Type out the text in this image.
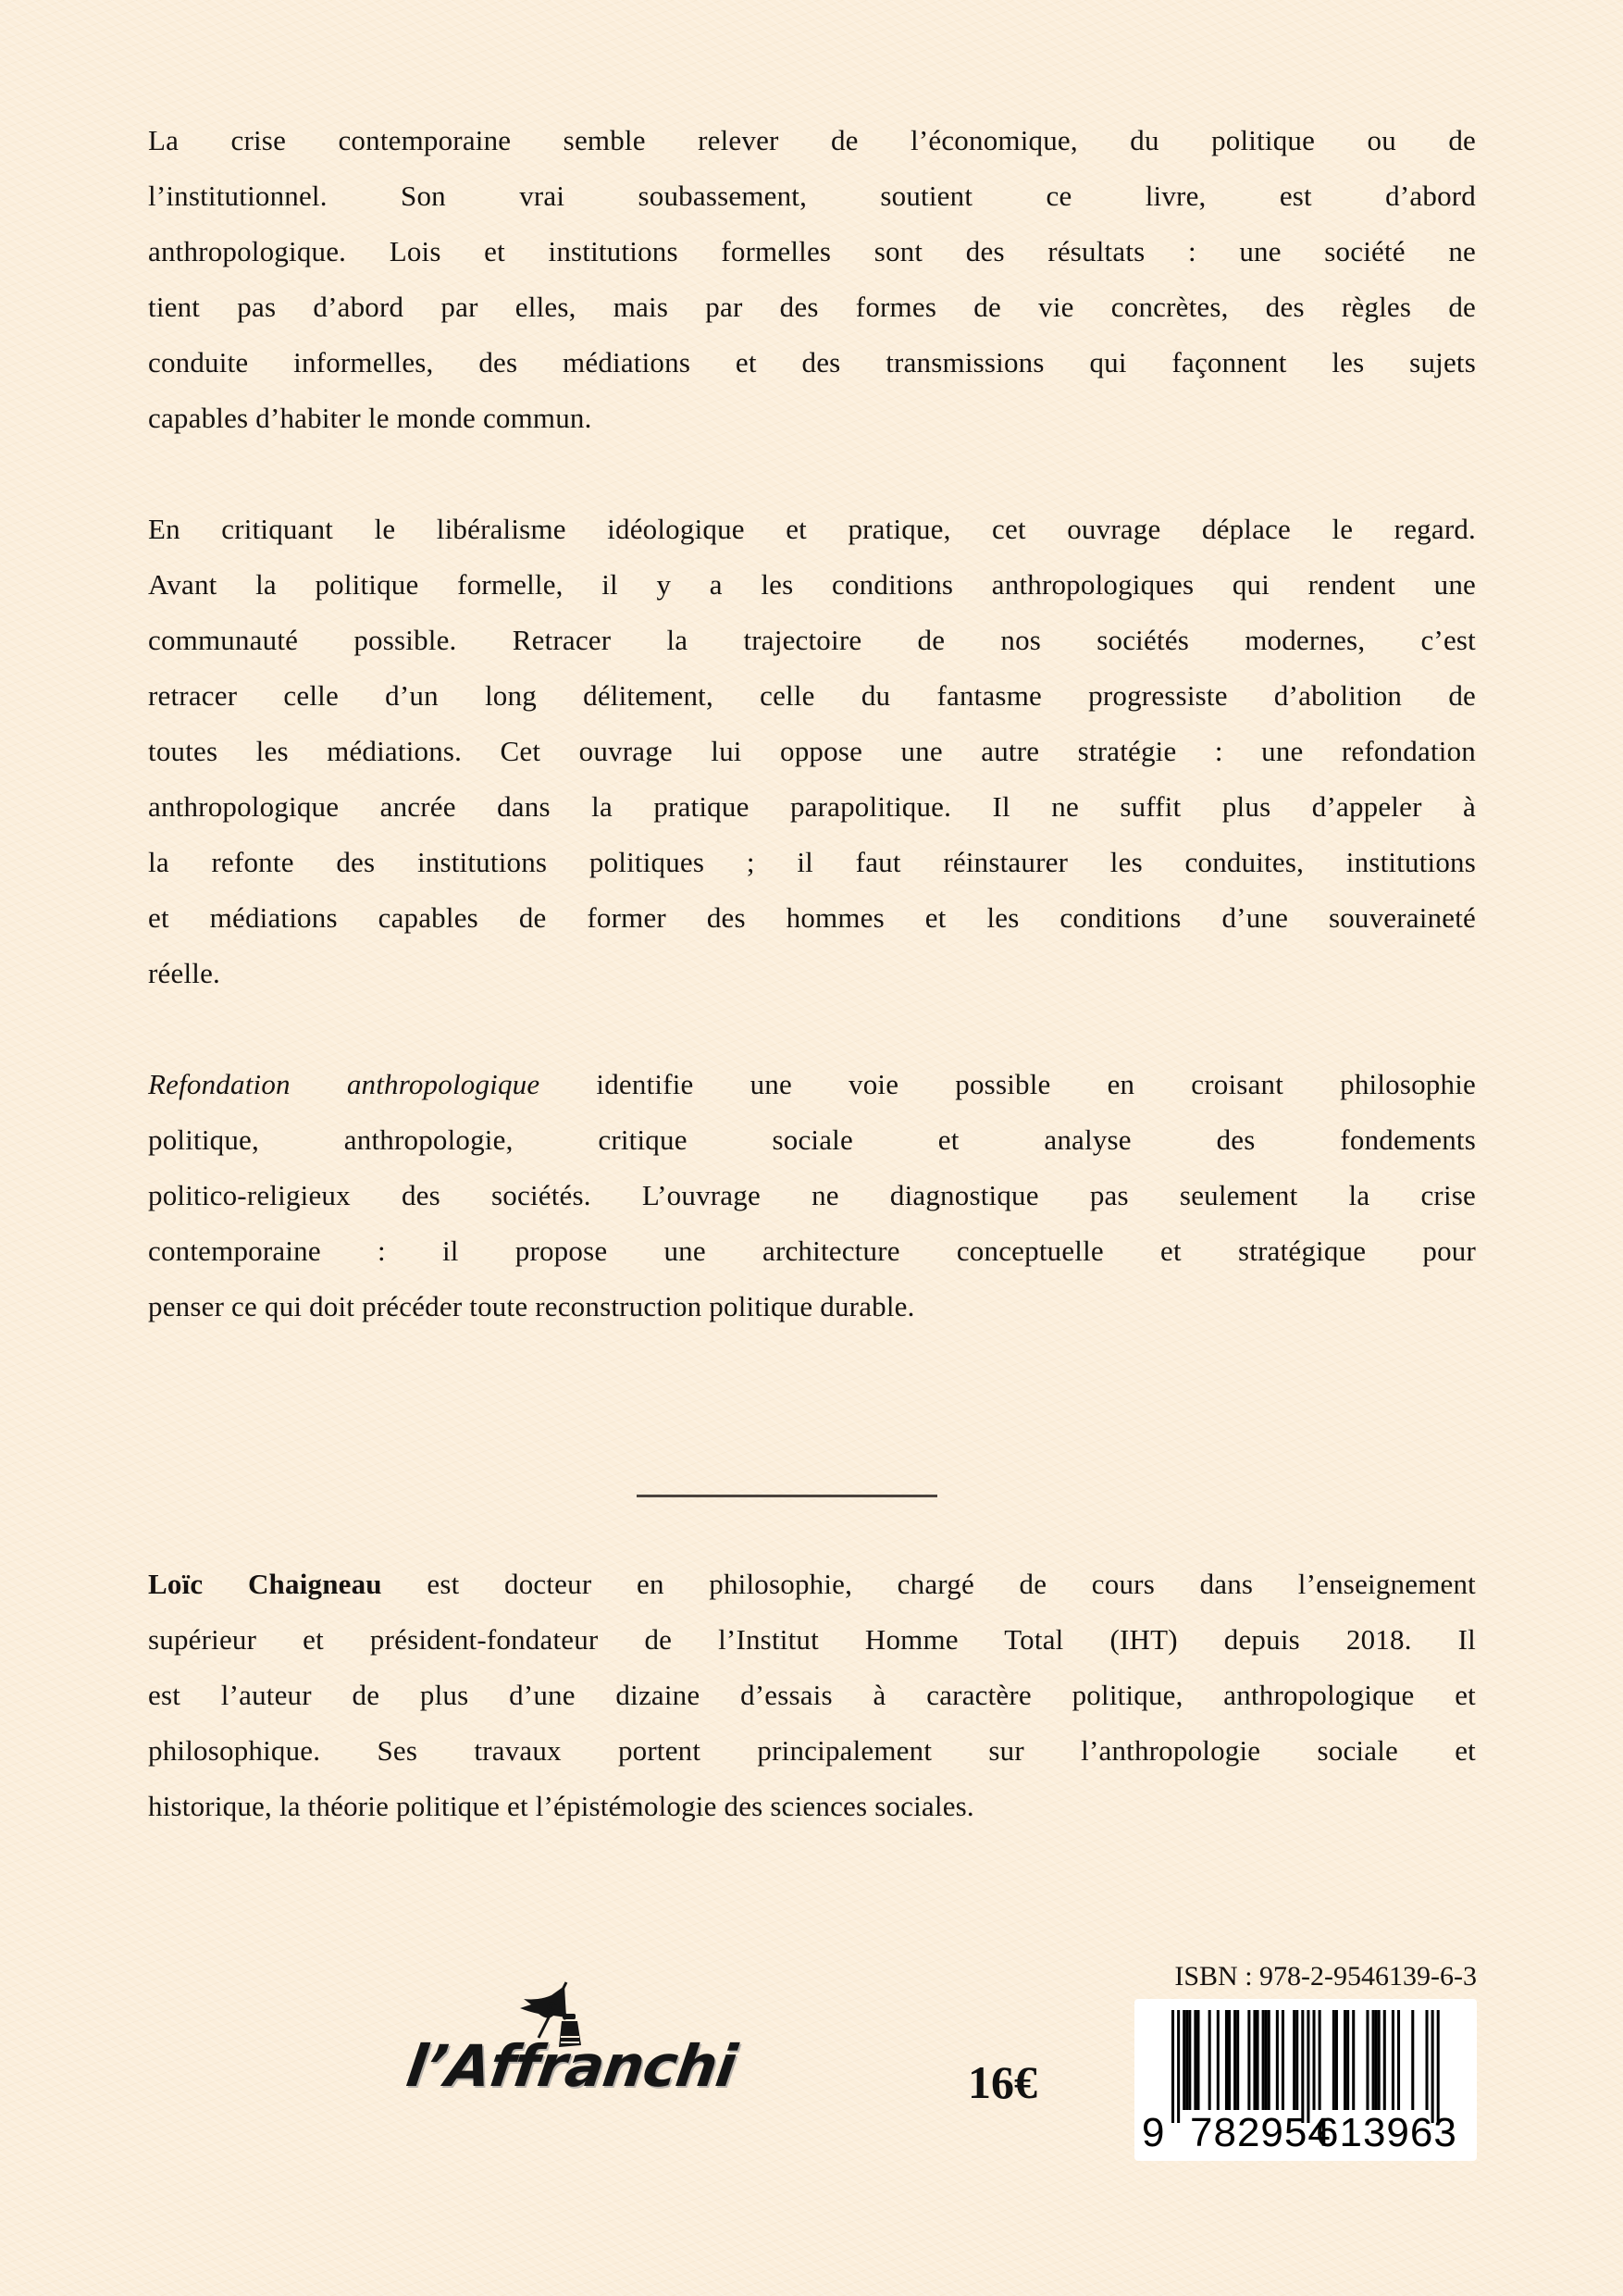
La crise contemporaine semble relever de l’économique, du politique ou de
l’institutionnel. Son vrai soubassement, soutient ce livre, est d’abord
anthropologique. Lois et institutions formelles sont des résultats : une société ne
tient pas d’abord par elles, mais par des formes de vie concrètes, des règles de
conduite informelles, des médiations et des transmissions qui façonnent les sujets
capables d’habiter le monde commun.
En critiquant le libéralisme idéologique et pratique, cet ouvrage déplace le regard.
Avant la politique formelle, il y a les conditions anthropologiques qui rendent une
communauté possible. Retracer la trajectoire de nos sociétés modernes, c’est
retracer celle d’un long délitement, celle du fantasme progressiste d’abolition de
toutes les médiations. Cet ouvrage lui oppose une autre stratégie : une refondation
anthropologique ancrée dans la pratique parapolitique. Il ne suffit plus d’appeler à
la refonte des institutions politiques ; il faut réinstaurer les conduites, institutions
et médiations capables de former des hommes et les conditions d’une souveraineté
réelle.
Refondation anthropologique identifie une voie possible en croisant philosophie
politique, anthropologie, critique sociale et analyse des fondements
politico-religieux des sociétés. L’ouvrage ne diagnostique pas seulement la crise
contemporaine : il propose une architecture conceptuelle et stratégique pour
penser ce qui doit précéder toute reconstruction politique durable.
Loïc Chaigneau est docteur en philosophie, chargé de cours dans l’enseignement
supérieur et président-fondateur de l’Institut Homme Total (IHT) depuis 2018. Il
est l’auteur de plus d’une dizaine d’essais à caractère politique, anthropologique et
philosophique. Ses travaux portent principalement sur l’anthropologie sociale et
historique, la théorie politique et l’épistémologie des sciences sociales.
l’Affranchi	16€
ISBN : 978-2-9546139-6-3
9 782954
613963
